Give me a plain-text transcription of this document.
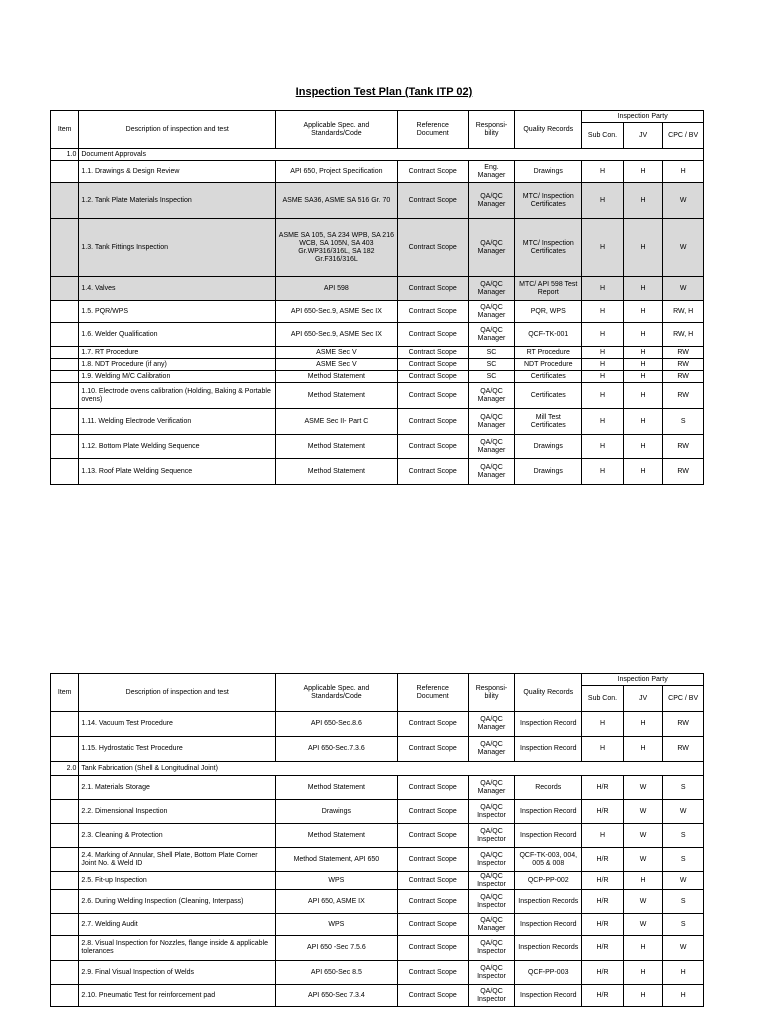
Inspection Test Plan (Tank ITP 02)
Item	Description of inspection and test	Applicable Spec. and Standards/Code	Reference Document	Responsi- bility	Quality Records	Inspection Party		
						Sub Con.	JV	CPC / BV
1.0	Document Approvals							
	1.1. Drawings & Design Review	API 650, Project Specification	Contract Scope	Eng. Manager	Drawings	H	H	H
	1.2. Tank Plate Materials Inspection	ASME SA36, ASME SA 516 Gr. 70	Contract Scope	QA/QC Manager	MTC/ Inspection Certificates	H	H	W
	1.3. Tank Fittings Inspection	ASME SA 105, SA 234 WPB, SA 216 WCB, SA 105N, SA 403 Gr.WP316/316L, SA 182 Gr.F316/316L	Contract Scope	QA/QC Manager	MTC/ Inspection Certificates	H	H	W
	1.4. Valves	API 598	Contract Scope	QA/QC Manager	MTC/ API 598 Test Report	H	H	W
	1.5. PQR/WPS	API 650-Sec.9, ASME Sec IX	Contract Scope	QA/QC Manager	PQR, WPS	H	H	RW, H
	1.6. Welder Qualification	API 650-Sec.9, ASME Sec IX	Contract Scope	QA/QC Manager	QCF-TK-001	H	H	RW, H
	1.7. RT Procedure	ASME Sec V	Contract Scope	SC	RT Procedure	H	H	RW
	1.8. NDT Procedure (if any)	ASME Sec V	Contract Scope	SC	NDT Procedure	H	H	RW
	1.9. Welding M/C Calibration	Method Statement	Contract Scope	SC	Certificates	H	H	RW
	1.10. Electrode ovens calibration (Holding, Baking & Portable ovens)	Method Statement	Contract Scope	QA/QC Manager	Certificates	H	H	RW
	1.11. Welding Electrode Verification	ASME Sec II- Part C	Contract Scope	QA/QC Manager	Mill Test Certificates	H	H	S
	1.12. Bottom Plate Welding Sequence	Method Statement	Contract Scope	QA/QC Manager	Drawings	H	H	RW
	1.13. Roof Plate Welding Sequence	Method Statement	Contract Scope	QA/QC Manager	Drawings	H	H	RW
Item	Description of inspection and test	Applicable Spec. and Standards/Code	Reference Document	Responsi- bility	Quality Records	Inspection Party		
						Sub Con.	JV	CPC / BV
	1.14. Vacuum Test Procedure	API 650-Sec.8.6	Contract Scope	QA/QC Manager	Inspection Record	H	H	RW
	1.15. Hydrostatic Test Procedure	API 650-Sec.7.3.6	Contract Scope	QA/QC Manager	Inspection Record	H	H	RW
2.0	Tank Fabrication (Shell & Longitudinal Joint)							
	2.1. Materials Storage	Method Statement	Contract Scope	QA/QC Manager	Records	H/R	W	S
	2.2. Dimensional Inspection	Drawings	Contract Scope	QA/QC Inspector	Inspection Record	H/R	W	W
	2.3. Cleaning & Protection	Method Statement	Contract Scope	QA/QC Inspector	Inspection Record	H	W	S
	2.4. Marking of Annular, Shell Plate, Bottom Plate Corner Joint No. & Weld ID	Method Statement, API 650	Contract Scope	QA/QC Inspector	QCF-TK-003, 004, 005 & 008	H/R	W	S
	2.5. Fit-up Inspection	WPS	Contract Scope	QA/QC Inspector	QCP-PP-002	H/R	H	W
	2.6. During Welding Inspection (Cleaning, Interpass)	API 650, ASME IX	Contract Scope	QA/QC Inspector	Inspection Records	H/R	W	S
	2.7. Welding Audit	WPS	Contract Scope	QA/QC Manager	Inspection Record	H/R	W	S
	2.8. Visual Inspection for Nozzles, flange inside & applicable tolerances	API 650 -Sec 7.5.6	Contract Scope	QA/QC Inspector	Inspection Records	H/R	H	W
	2.9. Final Visual Inspection of Welds	API 650-Sec 8.5	Contract Scope	QA/QC Inspector	QCF-PP-003	H/R	H	H
	2.10. Pneumatic Test for reinforcement pad	API 650-Sec 7.3.4	Contract Scope	QA/QC Inspector	Inspection Record	H/R	H	H
